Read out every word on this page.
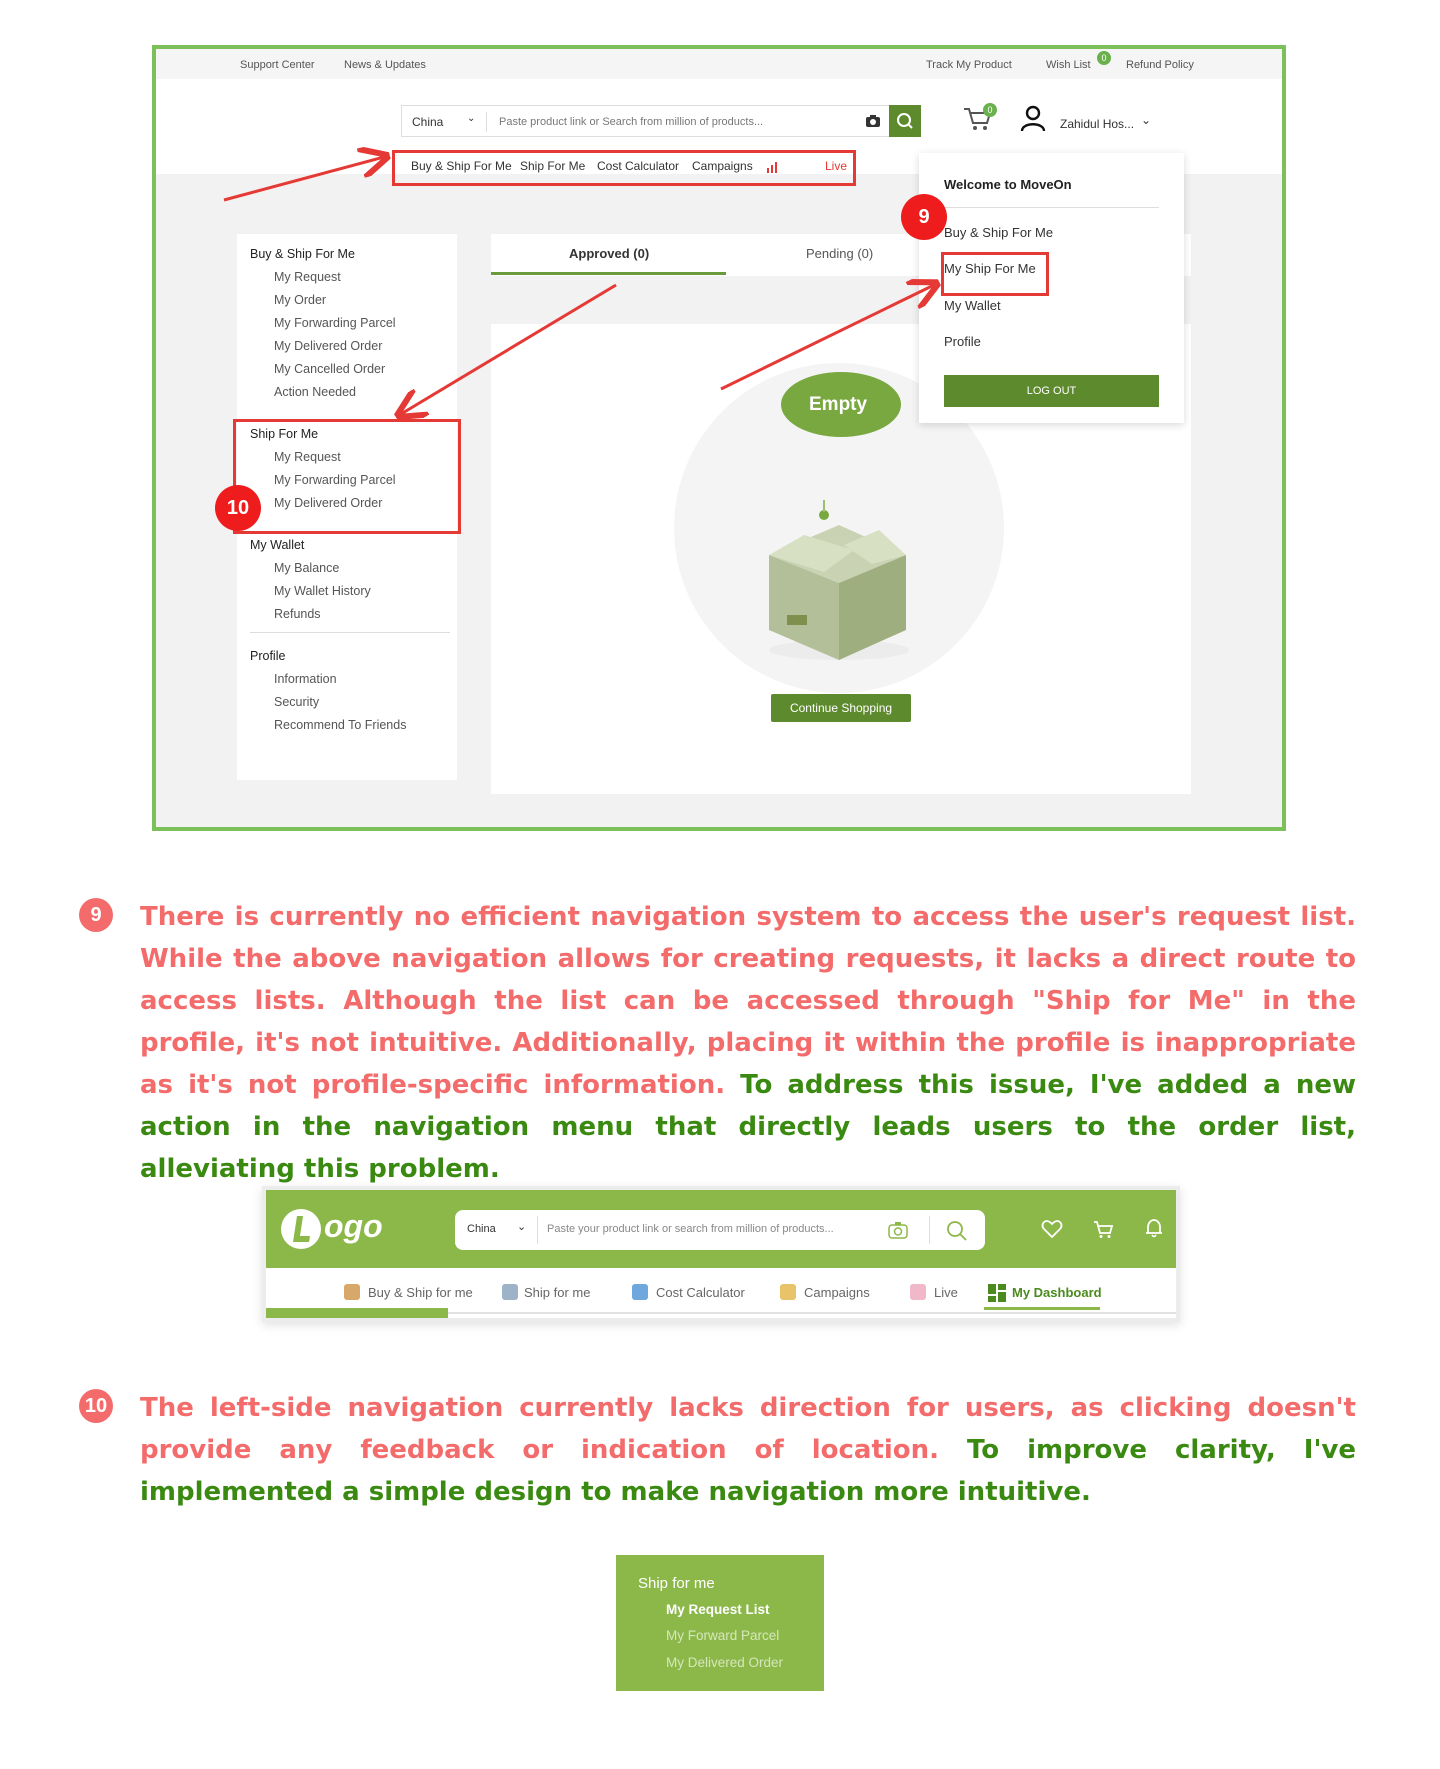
Support Center	News & Updates	Track My Product	Wish List
0
Refund Policy
China ⌄ Paste product link or Search from million of products...
0
Zahidul Hos... ⌄
Buy & Ship For Me Ship For Me Cost Calculator Campaigns	Live
Buy & Ship For Me
My Request
My Order
My Forwarding Parcel
My Delivered Order
My Cancelled Order
Action Needed
Ship For Me
My Request
My Forwarding Parcel
My Delivered Order
My Wallet
My Balance
My Wallet History
Refunds
Profile
Information
Security
Recommend To Friends
10
Approved (0)	Pending (0)
Empty
Continue Shopping
Welcome to MoveOn
Buy & Ship For Me
My Ship For Me
My Wallet
Profile
LOG OUT
9
9	There is currently no efficient navigation system to access the user's request list. While the above navigation allows for creating requests, it lacks a direct route to access lists. Although the list can be accessed through "Ship for Me" in the profile, it's not intuitive. Additionally, placing it within the profile is inappropriate as it's not profile-specific information. To address this issue, I've added a new action in the navigation menu that directly leads users to the order list, alleviating this problem.

ogo	China ⌄ Paste your product link or search from million of products...
Buy & Ship for me	Ship for me	Cost Calculator	Campaigns	Live	My Dashboard
10 The left-side navigation currently lacks direction for users, as clicking doesn't provide any feedback or indication of location. To improve clarity, I've implemented a simple design to make navigation more intuitive.

Ship for me
My Request List
My Forward Parcel
My Delivered Order
